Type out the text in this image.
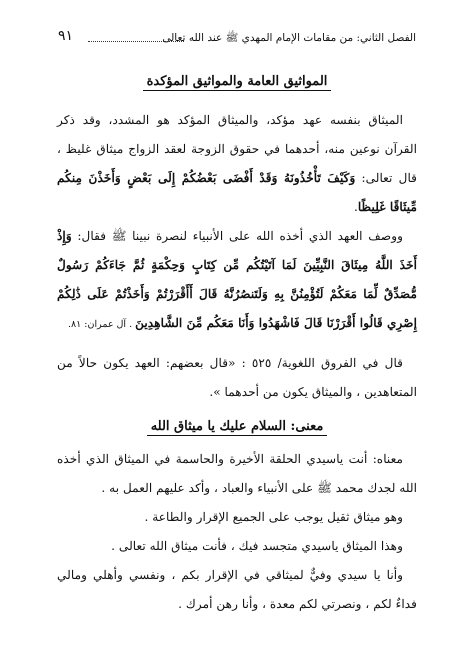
الفصل الثاني: من مقامات الإمام المهدي ﷺ عند الله تعالى
٩١
المواثيق العامة والمواثيق المؤكدة

الميثاق بنفسه عهد مؤكد، والميثاق المؤكد هو المشدد، وقد ذكر القرآن نوعين منه، أحدهما في حقوق الزوجة لعقد الزواج ميثاق غليظ ، قال تعالى: وَكَيْفَ تَأْخُذُونَهُ وَقَدْ أَفْضَى بَعْضُكُمْ إِلَى بَعْضٍ وَأَخَذْنَ مِنكُم مِّيثَاقًا غَلِيظًا.

ووصف العهد الذي أخذه الله على الأنبياء لنصرة نبينا ﷺ فقال: وَإِذْ أَخَذَ اللَّهُ مِيثَاقَ النَّبِيِّينَ لَمَا آتَيْتُكُم مِّن كِتَابٍ وَحِكْمَةٍ ثُمَّ جَاءَكُمْ رَسُولٌ مُّصَدِّقٌ لِّمَا مَعَكُمْ لَتُؤْمِنُنَّ بِهِ وَلَتَنصُرُنَّهُ قَالَ أَأَقْرَرْتُمْ وَأَخَذْتُمْ عَلَى ذَٰلِكُمْ إِصْرِي قَالُوا أَقْرَرْنَا قَالَ فَاشْهَدُوا وَأَنَا مَعَكُم مِّنَ الشَّاهِدِينَ . آل عمران: ٨١.

قال في الفروق اللغوية/ ٥٢٥ : «قال بعضهم: العهد يكون حالاً من المتعاهدين ، والميثاق يكون من أحدهما ».

معنى: السلام عليك يا ميثاق الله

معناه: أنت ياسيدي الحلقة الأخيرة والحاسمة في الميثاق الذي أخذه الله لجدك محمد ﷺ على الأنبياء والعباد ، وأكد عليهم العمل به .

وهو ميثاق ثقيل يوجب على الجميع الإقرار والطاعة .

وهذا الميثاق ياسيدي متجسد فيك ، فأنت ميثاق الله تعالى .

وأنا يا سيدي وفيٌّ لميثاقي في الإقرار بكم ، ونفسي وأهلي ومالي فداءٌ لكم ، ونصرتي لكم معدة ، وأنا رهن أمرك .
